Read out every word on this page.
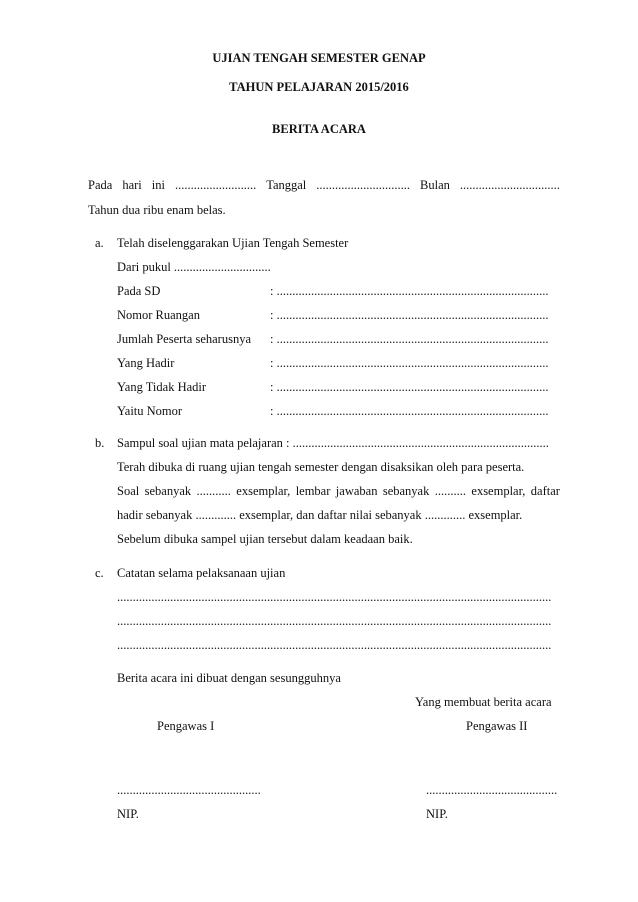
UJIAN TENGAH SEMESTER GENAP
TAHUN PELAJARAN 2015/2016
BERITA ACARA
Pada hari ini .......................... Tanggal .............................. Bulan ................................
Tahun dua ribu enam belas.
a. Telah diselenggarakan Ujian Tengah Semester
Dari pukul ...............................
Pada SD	: .......................................................................................
Nomor Ruangan	: .......................................................................................
Jumlah Peserta seharusnya : .......................................................................................
Yang Hadir	: .......................................................................................
Yang Tidak Hadir	: .......................................................................................
Yaitu Nomor	: .......................................................................................
b. Sampul soal ujian mata pelajaran : ..................................................................................
Terah dibuka di ruang ujian tengah semester dengan disaksikan oleh para peserta.
Soal sebanyak ........... exsemplar, lembar jawaban sebanyak .......... exsemplar, daftar
hadir sebanyak ............. exsemplar, dan daftar nilai sebanyak ............. exsemplar.
Sebelum dibuka sampel ujian tersebut dalam keadaan baik.
c. Catatan selama pelaksanaan ujian
...........................................................................................................................................
...........................................................................................................................................
...........................................................................................................................................
Berita acara ini dibuat dengan sesungguhnya
Yang membuat berita acara
Pengawas I	Pengawas II
..............................................	..........................................
NIP.	NIP.
